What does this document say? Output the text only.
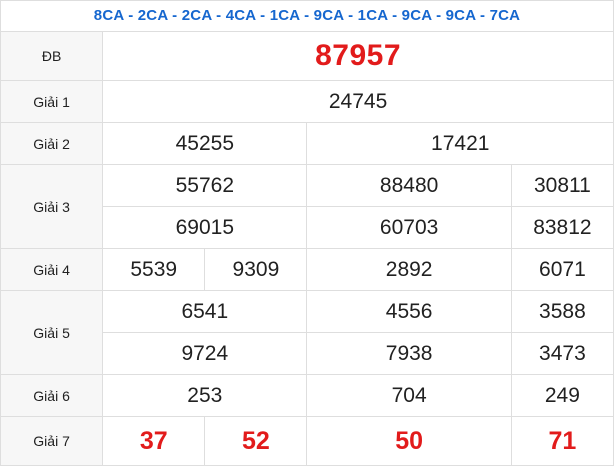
8CA - 2CA - 2CA - 4CA - 1CA - 9CA - 1CA - 9CA - 9CA - 7CA				
ĐB	87957			
Giải 1	24745			
Giải 2	45255		17421	
Giải 3	55762		88480	30811
	69015		60703	83812
Giải 4	5539	9309	2892	6071
Giải 5	6541		4556	3588
	9724		7938	3473
Giải 6	253		704	249
Giải 7	37	52	50	71
